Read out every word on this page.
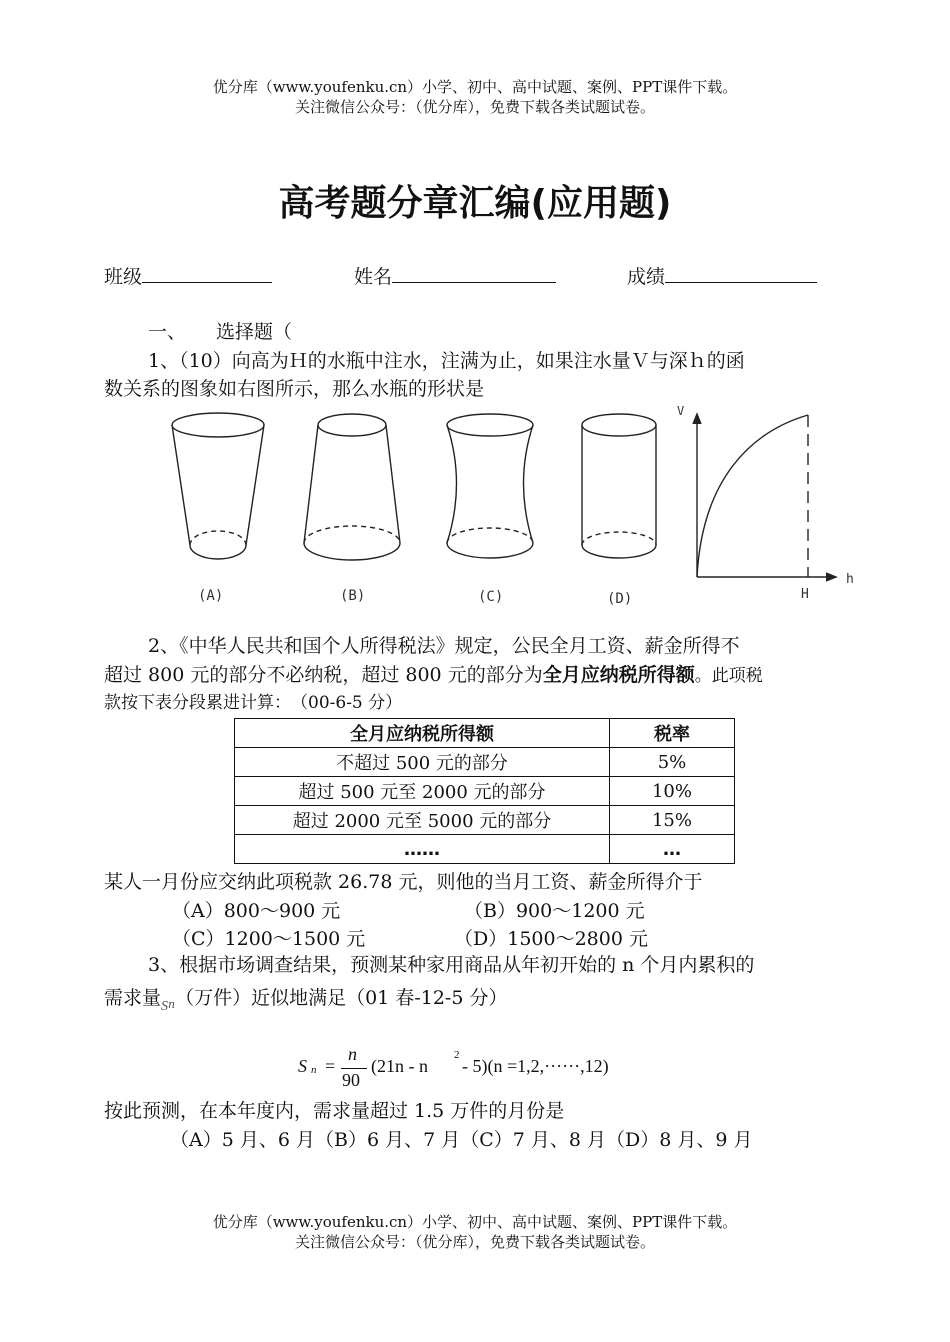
优分库（www.youfenku.cn）小学、初中、高中试题、案例、PPT课件下载。
关注微信公众号：（优分库），免费下载各类试题试卷。
高考题分章汇编(应用题)
班级	姓名	成绩
一、 选择题（
1、（10）向高为Ｈ的水瓶中注水，注满为止，如果注水量Ｖ与深ｈ的函
数关系的图象如右图所示，那么水瓶的形状是
(A)	(B)	(C)	(D)
V
h
H
2、《中华人民共和国个人所得税法》规定，公民全月工资、薪金所得不
超过 800 元的部分不必纳税，超过 800 元的部分为全月应纳税所得额。此项税
款按下表分段累进计算：　（00-6-5 分）
全月应纳税所得额	税率
不超过 500 元的部分	5%
超过 500 元至 2000 元的部分	10%
超过 2000 元至 5000 元的部分	15%
……	…
某人一月份应交纳此项税款 26.78 元，则他的当月工资、薪金所得介于
（A）800～900 元	（B）900～1200 元
（C）1200～1500 元	（D）1500～2800 元
3、根据市场调查结果，预测某种家用商品从年初开始的 n 个月内累积的
需求量$_{Sn}$（万件）近似地满足（01 春-12-5 分）
S n =
n
90
(21n - n
2
- 5)(n =1,2,······,12)
按此预测，在本年度内，需求量超过 1.5 万件的月份是
（A）5 月、6 月（B）6 月、7 月（C）7 月、8 月（D）8 月、9 月
优分库（www.youfenku.cn）小学、初中、高中试题、案例、PPT课件下载。
关注微信公众号：（优分库），免费下载各类试题试卷。
